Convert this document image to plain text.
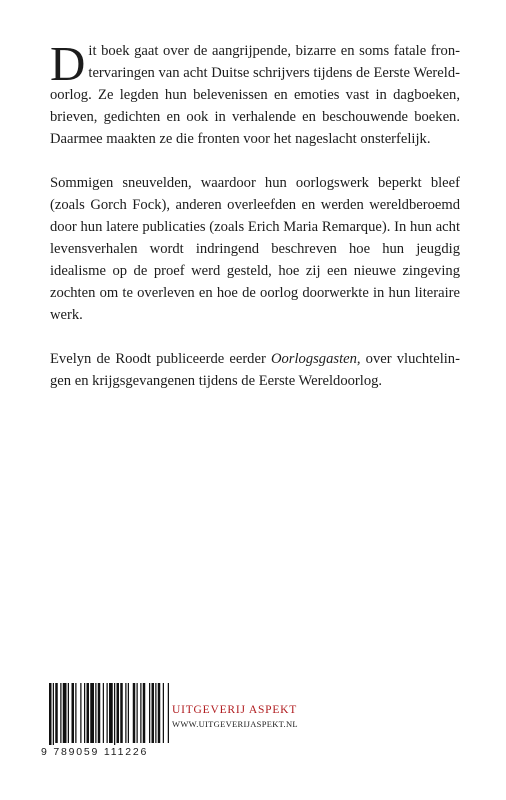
Dit boek gaat over de aangrijpende, bizarre en soms fatale frontervaringen van acht Duitse schrijvers tijdens de Eerste Wereldoorlog. Ze legden hun belevenissen en emoties vast in dagboeken, brieven, gedichten en ook in verhalende en beschouwende boeken. Daarmee maakten ze die fronten voor het nageslacht onsterfelijk.

Sommigen sneuvelden, waardoor hun oorlogswerk beperkt bleef (zoals Gorch Fock), anderen overleefden en werden wereldberoemd door hun latere publicaties (zoals Erich Maria Remarque). In hun acht levensverhalen wordt indringend beschreven hoe hun jeugdig idealisme op de proef werd gesteld, hoe zij een nieuwe zingeving zochten om te overleven en hoe de oorlog doorwerkte in hun literaire werk.

Evelyn de Roodt publiceerde eerder Oorlogsgasten, over vluchtelingen en krijgsgevangenen tijdens de Eerste Wereldoorlog.

9 789059 111226
UITGEVERIJ ASPEKT
WWW.UITGEVERIJASPEKT.NL
